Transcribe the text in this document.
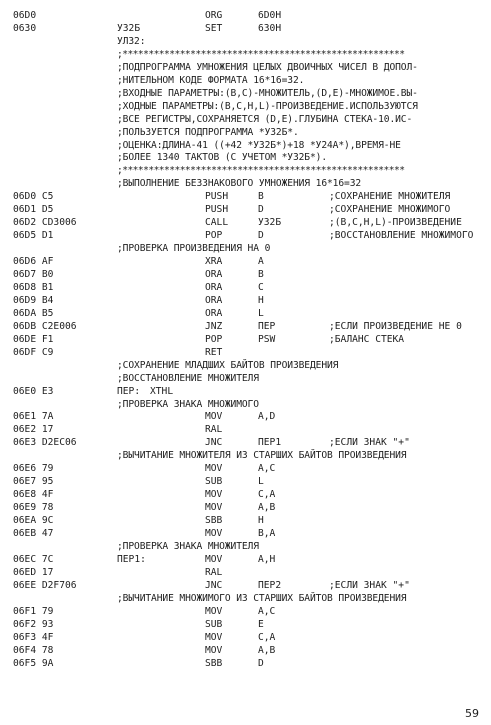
06D0	ORG	6D0H
0630	У32Б	SET	630H
УЛ32:
;******************************************************
;ПОДПРОГРАММА УМНОЖЕНИЯ ЦЕЛЫХ ДВОИЧНЫХ ЧИСЕЛ В ДОПОЛ-
;НИТЕЛЬНОМ КОДЕ ФОРМАТА 16*16=32.
;ВХОДНЫЕ ПАРАМЕТРЫ:(В,С)-МНОЖИТЕЛЬ,(D,E)-МНОЖИМОЕ.ВЫ-
;ХОДНЫЕ ПАРАМЕТРЫ:(В,С,Н,L)-ПРОИЗВЕДЕНИЕ.ИСПОЛЬЗУЮТСЯ
;ВСЕ РЕГИСТРЫ,СОХРАНЯЕТСЯ (D,E).ГЛУБИНА СТЕКА-10.ИС-
;ПОЛЬЗУЕТСЯ ПОДПРОГРАММА *У32Б*.
;ОЦЕНКА:ДЛИНА-41 ((+42 *У32Б*)+18 *У24А*),ВРЕМЯ-НЕ
;БОЛЕЕ 1340 ТАКТОВ (С УЧЕТОМ *У32Б*).
;******************************************************
;ВЫПОЛНЕНИЕ БЕЗЗНАКОВОГО УМНОЖЕНИЯ 16*16=32
06D0 C5	PUSH	В	;СОХРАНЕНИЕ МНОЖИТЕЛЯ
06D1 D5	PUSH	D	;СОХРАНЕНИЕ МНОЖИМОГО
06D2 CD3006	CALL	У32Б	;(В,С,Н,L)-ПРОИЗВЕДЕНИЕ
06D5 D1	POP	D	;ВОССТАНОВЛЕНИЕ МНОЖИМОГО
;ПРОВЕРКА ПРОИЗВЕДЕНИЯ НА 0
06D6 AF	XRA	A
06D7 B0	ORA	В
06D8 B1	ORA	С
06D9 B4	ORA	Н
06DA B5	ORA	L
06DB C2E006	JNZ	ПЕР	;ЕСЛИ ПРОИЗВЕДЕНИЕ НЕ 0
06DE F1	POP	PSW	;БАЛАНС СТЕКА
06DF C9	RET
;СОХРАНЕНИЕ МЛАДШИХ БАЙТОВ ПРОИЗВЕДЕНИЯ
;ВОССТАНОВЛЕНИЕ МНОЖИТЕЛЯ
06E0 E3	ПЕР: XTHL
;ПРОВЕРКА ЗНАКА МНОЖИМОГО
06E1 7A	MOV	A,D
06E2 17	RAL
06E3 D2EC06	JNC	ПЕР1	;ЕСЛИ ЗНАК "+"
;ВЫЧИТАНИЕ МНОЖИТЕЛЯ ИЗ СТАРШИХ БАЙТОВ ПРОИЗВЕДЕНИЯ
06E6 79	MOV	A,C
06E7 95	SUB	L
06E8 4F	MOV	C,A
06E9 78	MOV	A,B
06EA 9C	SBB	Н
06EB 47	MOV	B,A
;ПРОВЕРКА ЗНАКА МНОЖИТЕЛЯ
06EC 7C	ПЕР1:	MOV	A,H
06ED 17	RAL
06EE D2F706	JNC	ПЕР2	;ЕСЛИ ЗНАК "+"
;ВЫЧИТАНИЕ МНОЖИМОГО ИЗ СТАРШИХ БАЙТОВ ПРОИЗВЕДЕНИЯ
06F1 79	MOV	A,C
06F2 93	SUB	E
06F3 4F	MOV	C,A
06F4 78	MOV	A,B
06F5 9A	SBB	D
59
